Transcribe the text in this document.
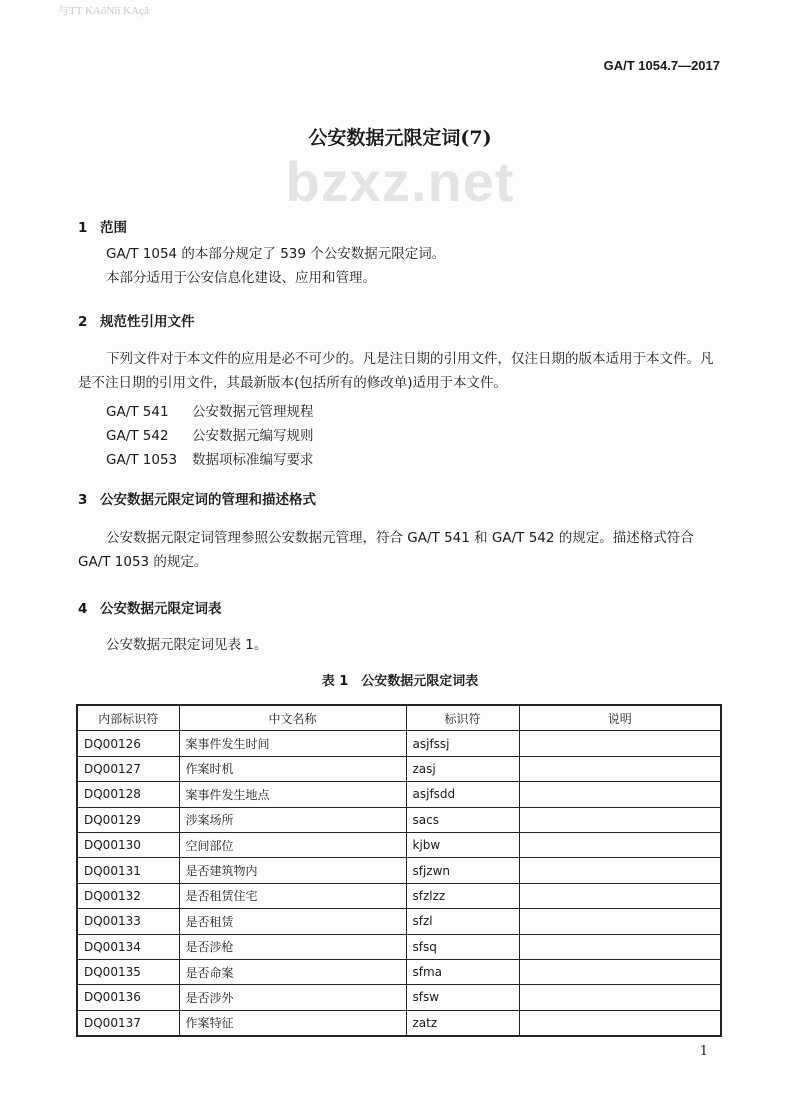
与TT KAöNiï KAçã
GA/T 1054.7—2017
公安数据元限定词(7)
bzxz.net
1 范围
GA/T 1054 的本部分规定了 539 个公安数据元限定词。
本部分适用于公安信息化建设、应用和管理。
2 规范性引用文件
下列文件对于本文件的应用是必不可少的。凡是注日期的引用文件，仅注日期的版本适用于本文件。凡是不注日期的引用文件，其最新版本(包括所有的修改单)适用于本文件。
GA/T 541 公安数据元管理规程
GA/T 542 公安数据元编写规则
GA/T 1053 数据项标准编写要求
3 公安数据元限定词的管理和描述格式
公安数据元限定词管理参照公安数据元管理，符合 GA/T 541 和 GA/T 542 的规定。描述格式符合 GA/T 1053 的规定。
4 公安数据元限定词表
公安数据元限定词见表 1。
表 1　公安数据元限定词表
内部标识符	中文名称	标识符	说明
DQ00126	案事件发生时间	asjfssj	
DQ00127	作案时机	zasj	
DQ00128	案事件发生地点	asjfsdd	
DQ00129	涉案场所	sacs	
DQ00130	空间部位	kjbw	
DQ00131	是否建筑物内	sfjzwn	
DQ00132	是否租赁住宅	sfzlzz	
DQ00133	是否租赁	sfzl	
DQ00134	是否涉枪	sfsq	
DQ00135	是否命案	sfma	
DQ00136	是否涉外	sfsw	
DQ00137	作案特征	zatz	
1
